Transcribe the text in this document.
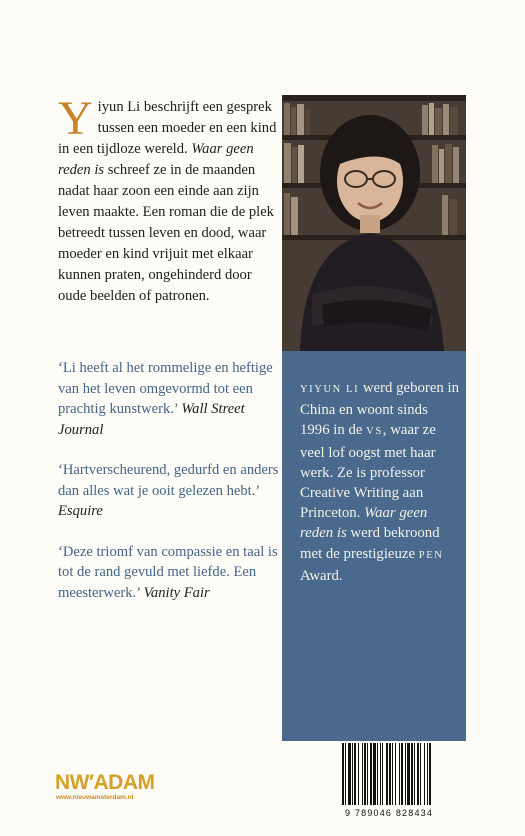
Yiyun Li beschrijft een gesprek tussen een moeder en een kind in een tijdloze wereld. Waar geen reden is schreef ze in de maanden nadat haar zoon een einde aan zijn leven maakte. Een roman die de plek betreedt tussen leven en dood, waar moeder en kind vrijuit met elkaar kunnen praten, ongehinderd door oude beelden of patronen.
‘Li heeft al het rommelige en heftige van het leven omgevormd tot een prachtig kunstwerk.’ Wall Street Journal
‘Hartverscheurend, gedurfd en anders dan alles wat je ooit gelezen hebt.’ Esquire
‘Deze triomf van compassie en taal is tot de rand gevuld met liefde. Een meesterwerk.’ Vanity Fair
YIYUN LI werd geboren in China en woont sinds 1996 in de VS, waar ze veel lof oogst met haar werk. Ze is professor Creative Writing aan Princeton. Waar geen reden is werd bekroond met de prestigieuze PEN Award.
9 789046 828434
NW′ADAM
www.nieuwamsterdam.nl
